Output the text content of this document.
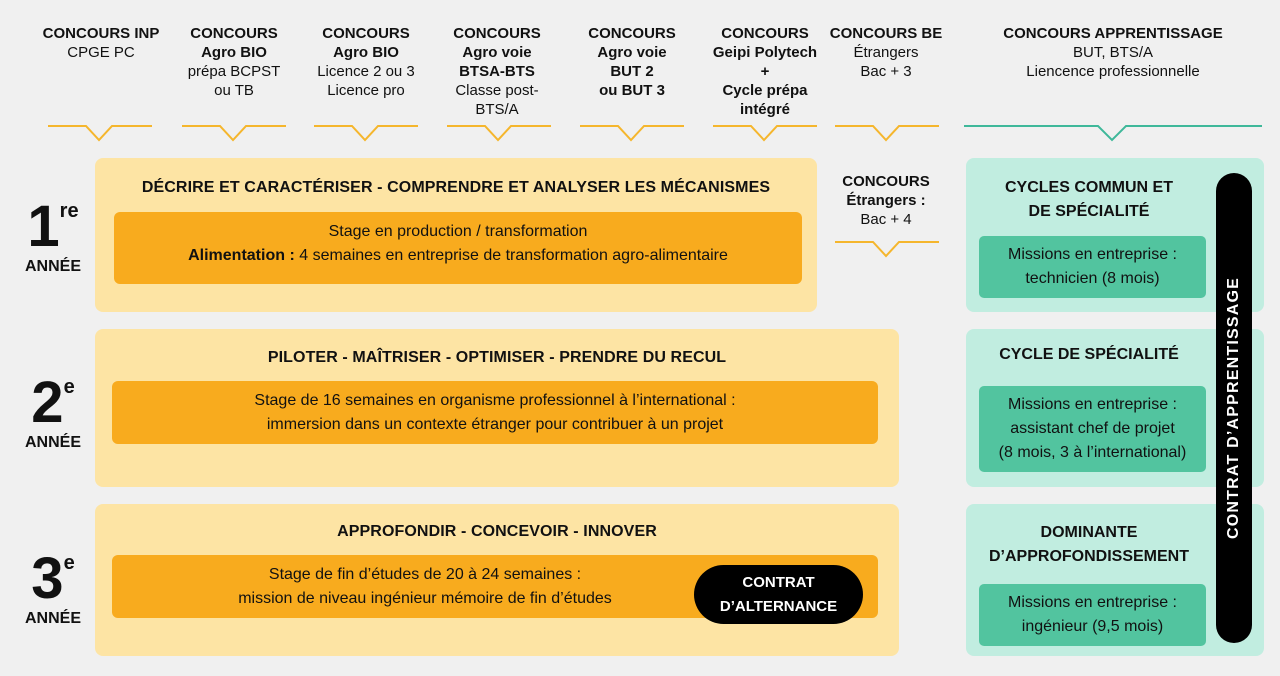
CONCOURS INP
CPGE PC
CONCOURS
Agro BIO
prépa BCPST
ou TB
CONCOURS
Agro BIO
Licence 2 ou 3
Licence pro
CONCOURS
Agro voie
BTSA-BTS
Classe post-
BTS/A
CONCOURS
Agro voie
BUT 2
ou BUT 3
CONCOURS
Geipi Polytech
+
Cycle prépa
intégré
CONCOURS BE
Étrangers
Bac + 3
CONCOURS APPRENTISSAGE
BUT, BTS/A
Liencence professionnelle
CONCOURS
Étrangers :
Bac + 4
1re
ANNÉE
2e
ANNÉE
3e
ANNÉE
DÉCRIRE ET CARACTÉRISER - COMPRENDRE ET ANALYSER LES MÉCANISMES
Stage en production / transformation
Alimentation : 4 semaines en entreprise de transformation agro-alimentaire
PILOTER - MAÎTRISER - OPTIMISER - PRENDRE DU RECUL
Stage de 16 semaines en organisme professionnel à l’international :
immersion dans un contexte étranger pour contribuer à un projet
APPROFONDIR - CONCEVOIR - INNOVER
Stage de fin d’études de 20 à 24 semaines :
mission de niveau ingénieur mémoire de fin d’études
CONTRAT
D’ALTERNANCE
CYCLES COMMUN ET
DE SPÉCIALITÉ
Missions en entreprise :
technicien (8 mois)
CYCLE DE SPÉCIALITÉ
Missions en entreprise :
assistant chef de projet
(8 mois, 3 à l’international)
DOMINANTE
D’APPROFONDISSEMENT
Missions en entreprise :
ingénieur (9,5 mois)
CONTRAT D’APPRENTISSAGE
